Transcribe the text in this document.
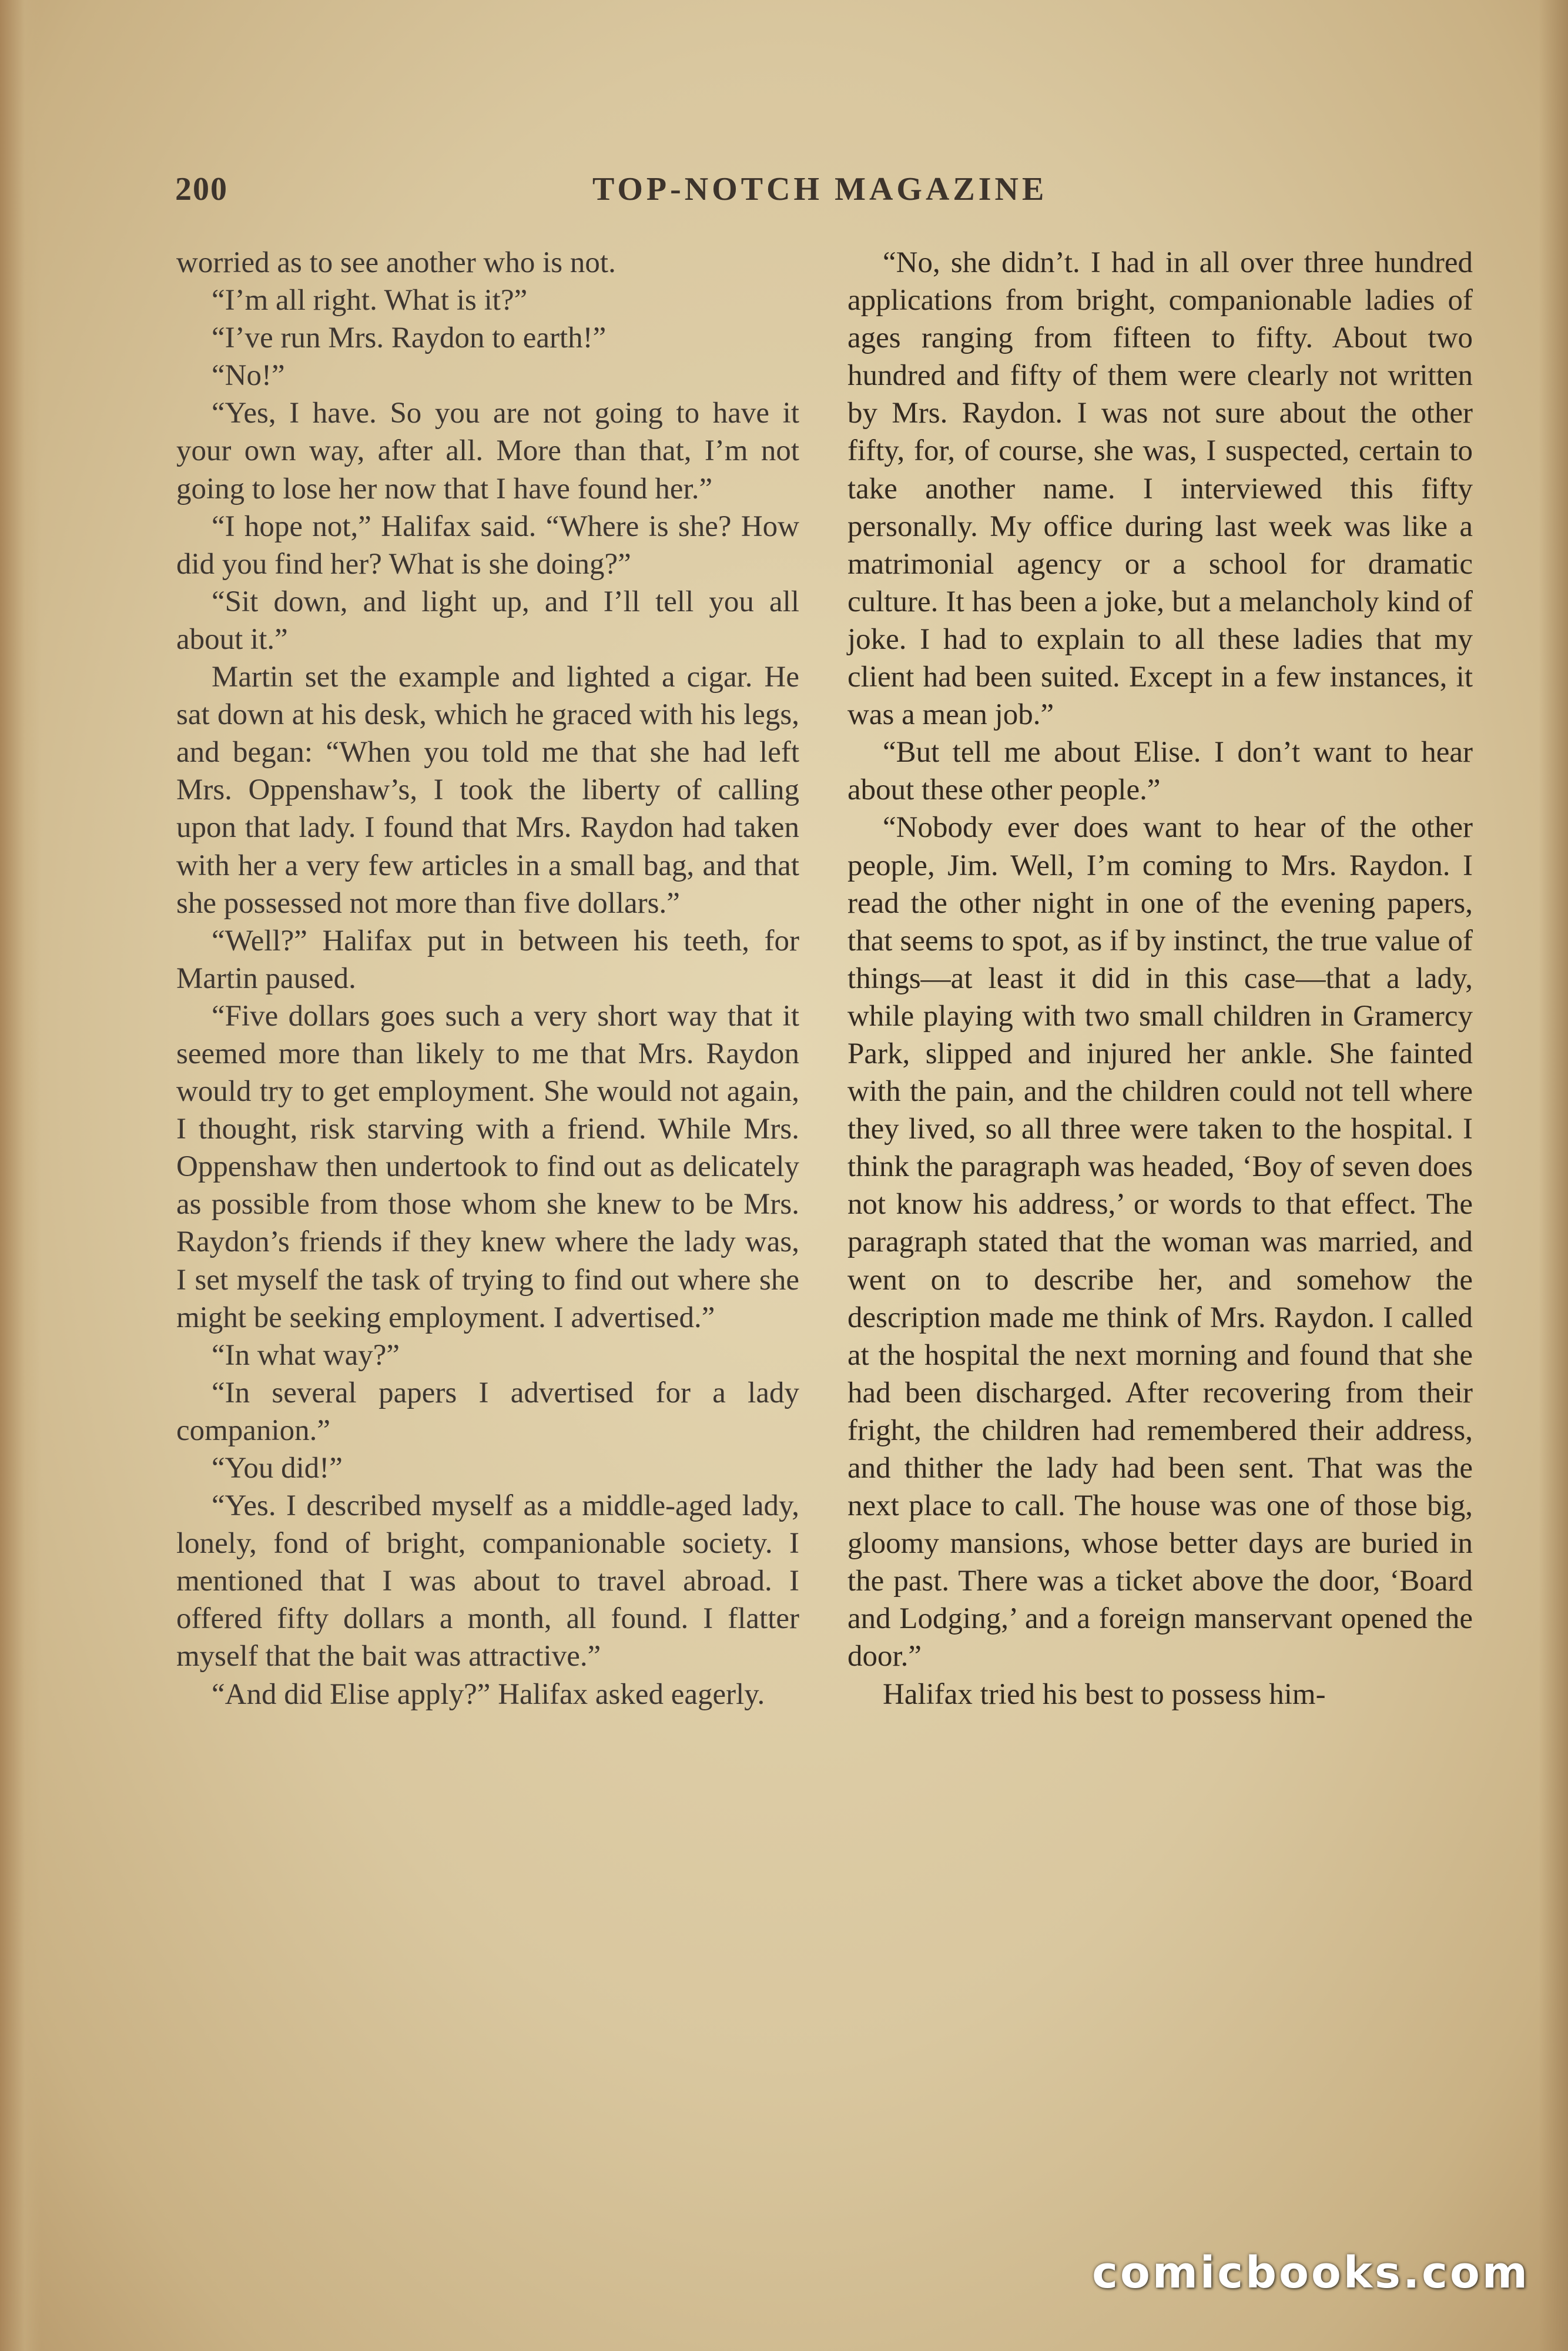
200	TOP-NOTCH MAGAZINE

worried as to see another who is not.

“I’m all right. What is it?”

“I’ve run Mrs. Raydon to earth!”

“No!”

“Yes, I have. So you are not going to have it your own way, after all. More than that, I’m not going to lose her now that I have found her.”

“I hope not,” Halifax said. “Where is she? How did you find her? What is she doing?”

“Sit down, and light up, and I’ll tell you all about it.”

Martin set the example and lighted a cigar. He sat down at his desk, which he graced with his legs, and began: “When you told me that she had left Mrs. Oppenshaw’s, I took the liberty of calling upon that lady. I found that Mrs. Raydon had taken with her a very few articles in a small bag, and that she possessed not more than five dollars.”

“Well?” Halifax put in between his teeth, for Martin paused.

“Five dollars goes such a very short way that it seemed more than likely to me that Mrs. Raydon would try to get employment. She would not again, I thought, risk starving with a friend. While Mrs. Oppenshaw then undertook to find out as delicately as possible from those whom she knew to be Mrs. Raydon’s friends if they knew where the lady was, I set myself the task of trying to find out where she might be seeking employment. I advertised.”

“In what way?”

“In several papers I advertised for a lady companion.”

“You did!”

“Yes. I described myself as a middle-aged lady, lonely, fond of bright, companionable society. I mentioned that I was about to travel abroad. I offered fifty dollars a month, all found. I flatter myself that the bait was attractive.”

“And did Elise apply?” Halifax asked eagerly.

“No, she didn’t. I had in all over three hundred applications from bright, companionable ladies of ages ranging from fifteen to fifty. About two hundred and fifty of them were clearly not written by Mrs. Raydon. I was not sure about the other fifty, for, of course, she was, I suspected, certain to take another name. I interviewed this fifty personally. My office during last week was like a matrimonial agency or a school for dramatic culture. It has been a joke, but a melancholy kind of joke. I had to explain to all these ladies that my client had been suited. Except in a few instances, it was a mean job.”

“But tell me about Elise. I don’t want to hear about these other people.”

“Nobody ever does want to hear of the other people, Jim. Well, I’m coming to Mrs. Raydon. I read the other night in one of the evening papers, that seems to spot, as if by instinct, the true value of things—at least it did in this case—that a lady, while playing with two small children in Gramercy Park, slipped and injured her ankle. She fainted with the pain, and the children could not tell where they lived, so all three were taken to the hospital. I think the paragraph was headed, ‘Boy of seven does not know his address,’ or words to that effect. The paragraph stated that the woman was married, and went on to describe her, and somehow the description made me think of Mrs. Raydon. I called at the hospital the next morning and found that she had been discharged. After recovering from their fright, the children had remembered their address, and thither the lady had been sent. That was the next place to call. The house was one of those big, gloomy mansions, whose better days are buried in the past. There was a ticket above the door, ‘Board and Lodging,’ and a foreign manservant opened the door.”

Halifax tried his best to possess him-

comicbooks.com
